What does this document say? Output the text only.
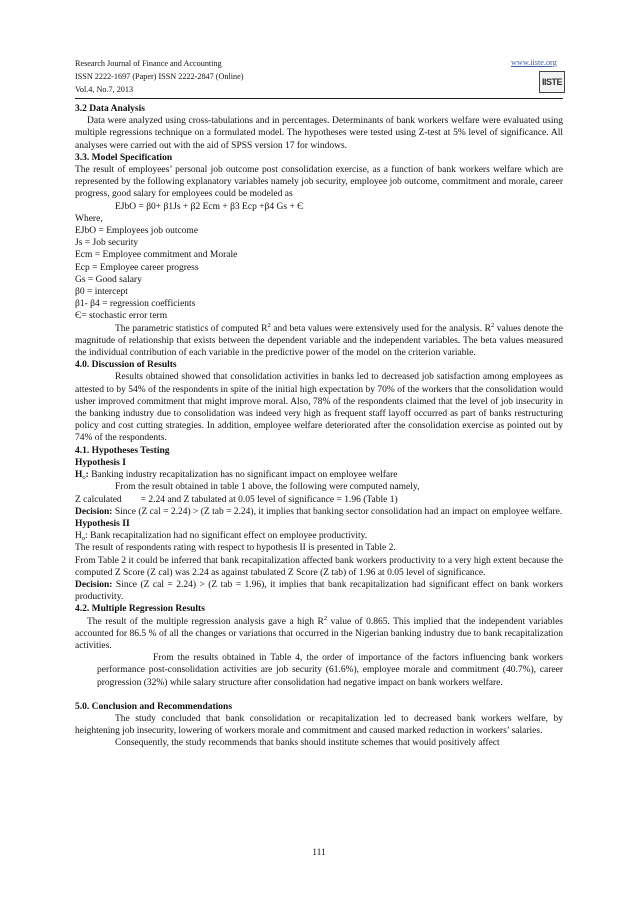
Research Journal of Finance and Accounting
ISSN 2222-1697 (Paper) ISSN 2222-2847 (Online)
Vol.4, No.7, 2013
www.iiste.org
IISTE

3.2 Data Analysis

Data were analyzed using cross-tabulations and in percentages. Determinants of bank workers welfare were evaluated using multiple regressions technique on a formulated model. The hypotheses were tested using Z-test at 5% level of significance. All analyses were carried out with the aid of SPSS version 17 for windows.

3.3. Model Specification

The result of employees’ personal job outcome post consolidation exercise, as a function of bank workers welfare which are represented by the following explanatory variables namely job security, employee job outcome, commitment and morale, career progress, good salary for employees could be modeled as

EJbO = β0+ β1Js + β2 Ecm + β3 Ecp +β4 Gs + Є

Where,

EJbO = Employees job outcome

Js = Job security

Ecm = Employee commitment and Morale

Ecp = Employee career progress

Gs = Good salary

β0 = intercept

β1- β4 = regression coefficients

Є= stochastic error term

The parametric statistics of computed $R^2$ and beta values were extensively used for the analysis. $R^2$ values denote the magnitude of relationship that exists between the dependent variable and the independent variables. The beta values measured the individual contribution of each variable in the predictive power of the model on the criterion variable.

4.0. Discussion of Results

Results obtained showed that consolidation activities in banks led to decreased job satisfaction among employees as attested to by 54% of the respondents in spite of the initial high expectation by 70% of the workers that the consolidation would usher improved commitment that might improve moral. Also, 78% of the respondents claimed that the level of job insecurity in the banking industry due to consolidation was indeed very high as frequent staff layoff occurred as part of banks restructuring policy and cost cutting strategies. In addition, employee welfare deteriorated after the consolidation exercise as pointed out by 74% of the respondents.

4.1. Hypotheses Testing

Hypothesis I

$H_o$: Banking industry recapitalization has no significant impact on employee welfare

From the result obtained in table 1 above, the following were computed namely,

Z calculated        = 2.24 and Z tabulated at 0.05 level of significance = 1.96 (Table 1)

Decision: Since (Z cal = 2.24) > (Z tab = 2.24), it implies that banking sector consolidation had an impact on employee welfare.

Hypothesis II

$H_o$: Bank recapitalization had no significant effect on employee productivity.

The result of respondents rating with respect to hypothesis II is presented in Table 2.

From Table 2 it could be inferred that bank recapitalization affected bank workers productivity to a very high extent because the computed Z Score (Z cal) was 2.24 as against tabulated Z Score (Z tab) of 1.96 at 0.05 level of significance.

Decision: Since (Z cal = 2.24) > (Z tab = 1.96), it implies that bank recapitalization had significant effect on bank workers productivity.

4.2. Multiple Regression Results

The result of the multiple regression analysis gave a high $R^2$ value of 0.865. This implied that the independent variables accounted for 86.5 % of all the changes or variations that occurred in the Nigerian banking industry due to bank recapitalization activities.

From the results obtained in Table 4, the order of importance of the factors influencing bank workers performance post-consolidation activities are job security (61.6%), employee morale and commitment (40.7%), career progression (32%) while salary structure after consolidation had negative impact on bank workers welfare.

5.0. Conclusion and Recommendations

The study concluded that bank consolidation or recapitalization led to decreased bank workers welfare, by heightening job insecurity, lowering of workers morale and commitment and caused marked reduction in workers’ salaries.

Consequently, the study recommends that banks should institute schemes that would positively affect

111
